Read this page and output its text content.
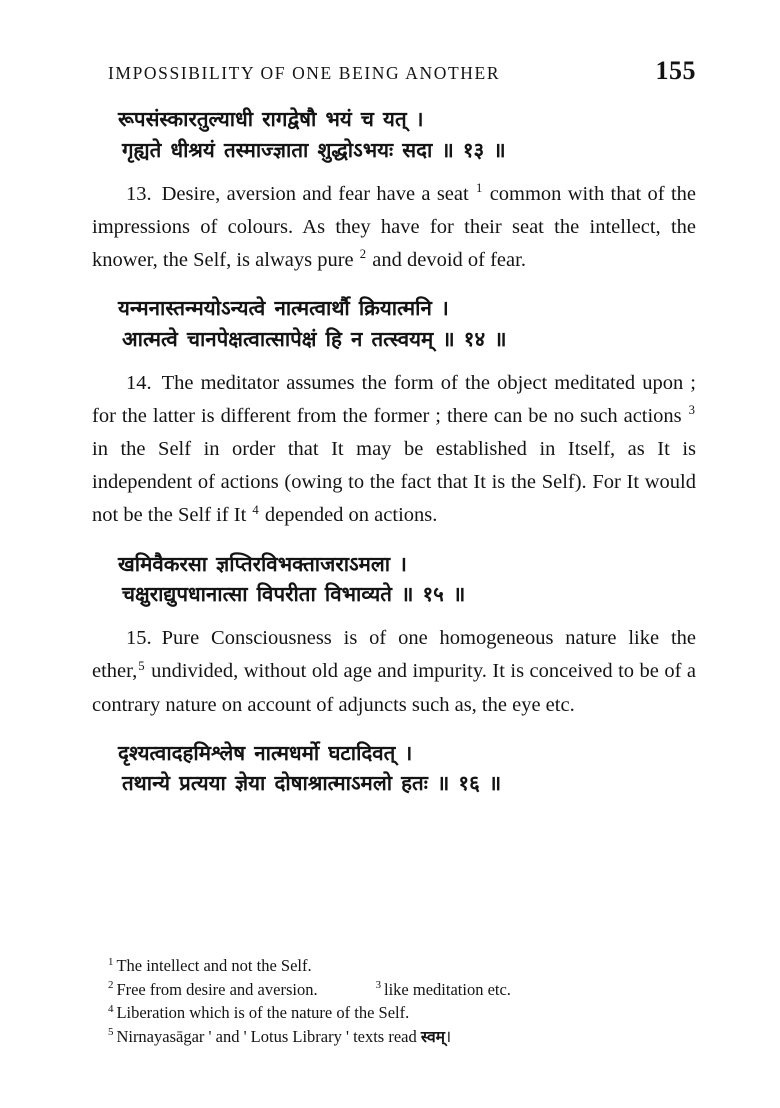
IMPOSSIBILITY OF ONE BEING ANOTHER	155
रूपसंस्कारतुल्याधी रागद्वेषौ भयं च यत् ।
गृह्यते धीश्रयं तस्माज्ज्ञाता शुद्धोऽभयः सदा ॥ १३ ॥

13. Desire, aversion and fear have a seat $^1$ common with that of the impressions of colours. As they have for their seat the intellect, the knower, the Self, is always pure $^2$ and devoid of fear.

यन्मनास्तन्मयोऽन्यत्वे नात्मत्वार्थौ क्रियात्मनि ।
आत्मत्वे चानपेक्षत्वात्सापेक्षं हि न तत्स्वयम् ॥ १४ ॥

14. The meditator assumes the form of the object meditated upon ; for the latter is different from the former ; there can be no such actions $^3$ in the Self in order that It may be established in Itself, as It is independent of actions (owing to the fact that It is the Self). For It would not be the Self if It $^4$ depended on actions.

खमिवैकरसा ज्ञप्तिरविभक्ताजराऽमला ।
चक्षुराद्युपधानात्सा विपरीता विभाव्यते ॥ १५ ॥

15. Pure Consciousness is of one homogeneous nature like the ether,$^5$ undivided, without old age and impurity. It is conceived to be of a contrary nature on account of adjuncts such as, the eye etc.

दृश्यत्वादहमिश्लेष नात्मधर्मो घटादिवत् ।
तथान्ये प्रत्यया ज्ञेया दोषाश्रात्माऽमलो हतः ॥ १६ ॥
$^1$ The intellect and not the Self.
$^2$ Free from desire and aversion.	$^3$ like meditation etc.
$^4$ Liberation which is of the nature of the Self.
$^5$ Nirnayasāgar ' and ' Lotus Library ' texts read स्वम्।
